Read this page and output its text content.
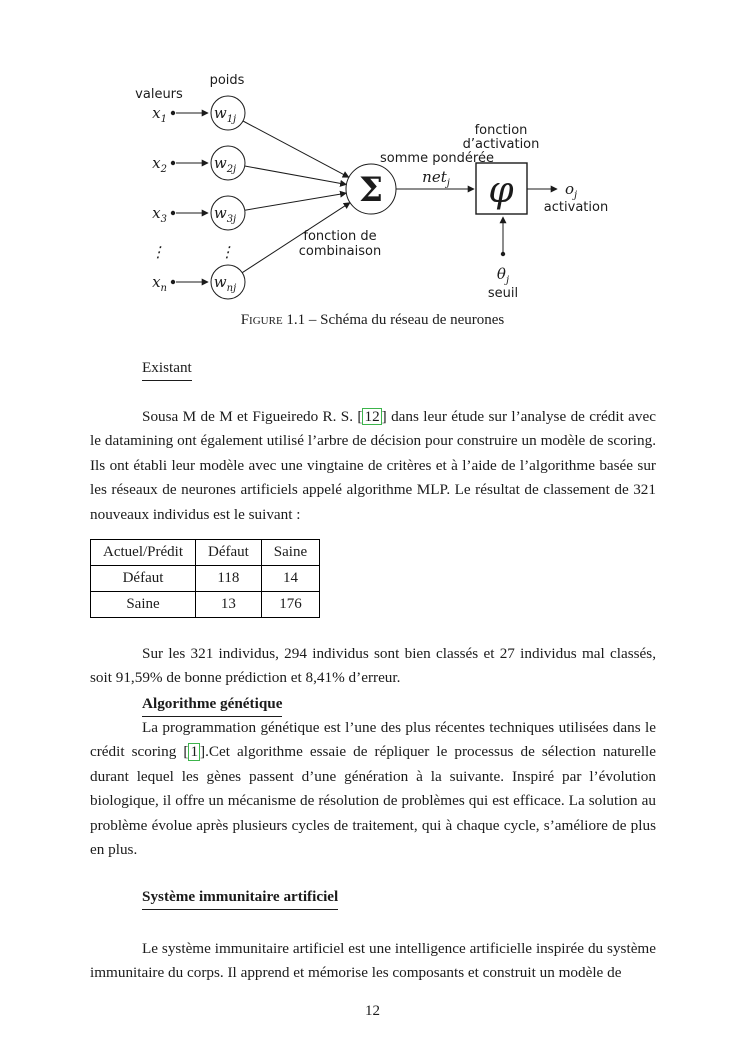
valeurs
poids
$x_1$	$w_{1j}$
$x_2$	$w_{2j}$
$x_3$	$w_{3j}$
⋮	⋮
$x_n$	$w_{nj}$
Σ
fonction de
combinaison
somme pondérée
net$_j$
fonction
d’activation
φ	$o_j$
activation
$\theta_j$
seuil
Figure 1.1 – Schéma du réseau de neurones
Existant

Sousa M de M et Figueiredo R. S. [ 12 ] dans leur étude sur l’analyse de crédit avec le datamining ont également utilisé l’arbre de décision pour construire un modèle de scoring. Ils ont établi leur modèle avec une vingtaine de critères et à l’aide de l’algorithme basée sur les réseaux de neurones artificiels appelé algorithme MLP. Le résultat de classement de 321 nouveaux individus est le suivant :

Actuel/Prédit	Défaut	Saine
Défaut	118	14
Saine	13	176

Sur les 321 individus, 294 individus sont bien classés et 27 individus mal classés, soit 91,59% de bonne prédiction et 8,41% d’erreur.

Algorithme génétique

La programmation génétique est l’une des plus récentes techniques utilisées dans le crédit scoring [ 1 ].Cet algorithme essaie de répliquer le processus de sélection naturelle durant lequel les gènes passent d’une génération à la suivante. Inspiré par l’évolution biologique, il offre un mécanisme de résolution de problèmes qui est efficace. La solution au problème évolue après plusieurs cycles de traitement, qui à chaque cycle, s’améliore de plus en plus.

Système immunitaire artificiel

Le système immunitaire artificiel est une intelligence artificielle inspirée du système immunitaire du corps. Il apprend et mémorise les composants et construit un modèle de

12
